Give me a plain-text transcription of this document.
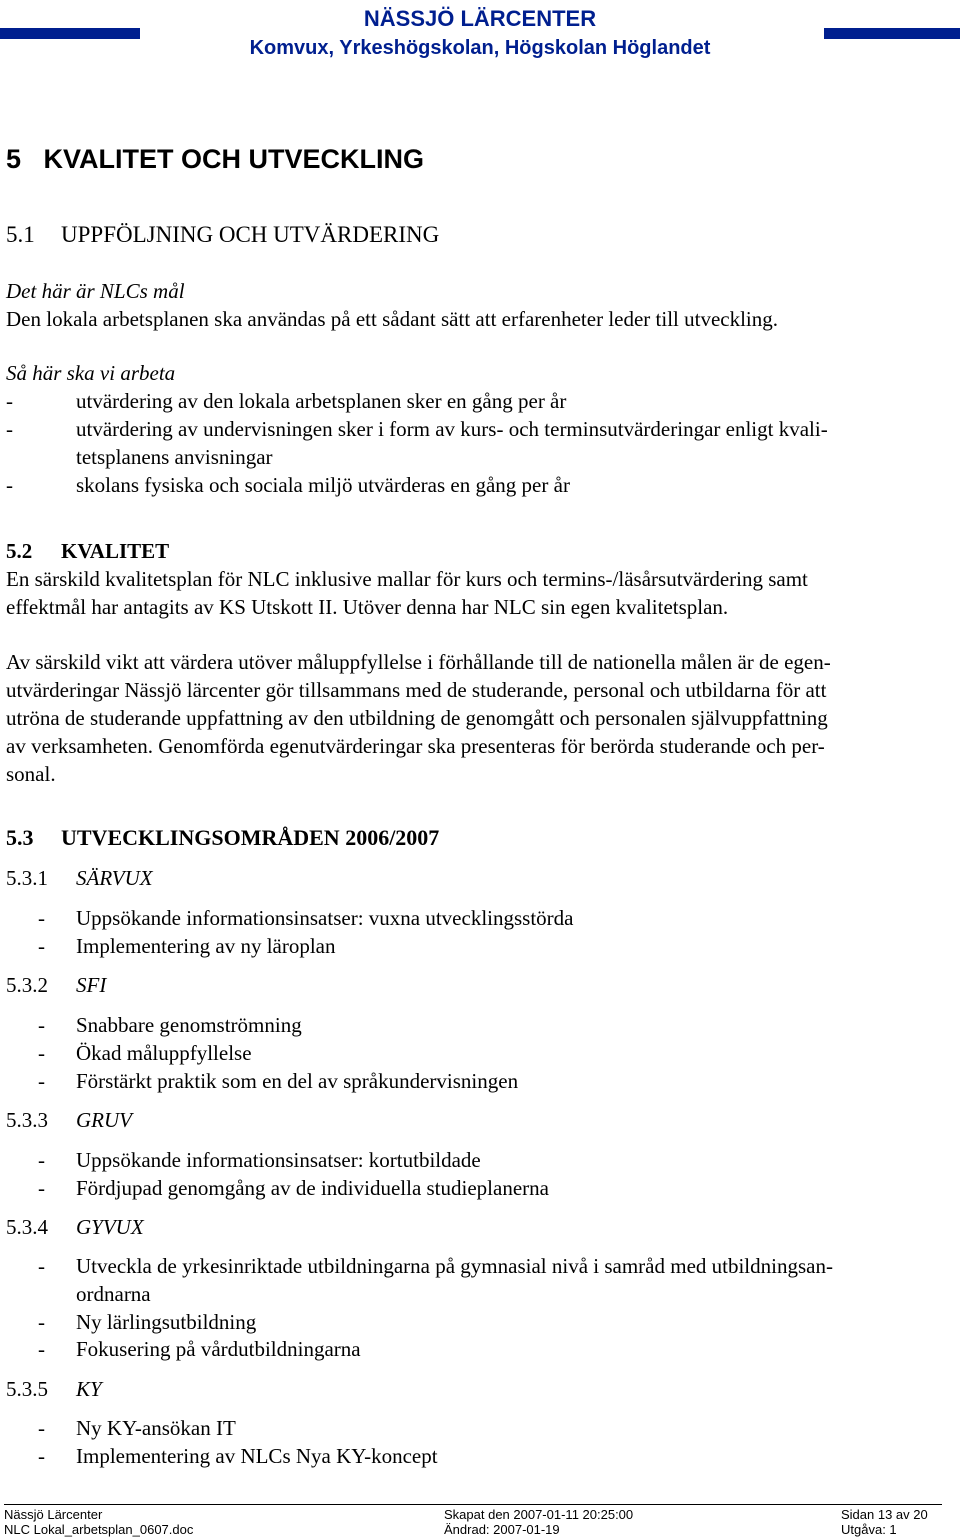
NÄSSJÖ LÄRCENTER
Komvux, Yrkeshögskolan, Högskolan Höglandet
5   KVALITET OCH UTVECKLING
5.1 UPPFÖLJNING OCH UTVÄRDERING
Det här är NLCs mål
Den lokala arbetsplanen ska användas på ett sådant sätt att erfarenheter leder till utveckling.
Så här ska vi arbeta
-	utvärdering av den lokala arbetsplanen sker en gång per år
-	utvärdering av undervisningen sker i form av kurs- och terminsutvärderingar enligt kvali-
tetsplanens anvisningar
-	skolans fysiska och sociala miljö utvärderas en gång per år
5.2 KVALITET
En särskild kvalitetsplan för NLC inklusive mallar för kurs och termins-/läsårsutvärdering samt
effektmål har antagits av KS Utskott II. Utöver denna har NLC sin egen kvalitetsplan.
Av särskild vikt att värdera utöver måluppfyllelse i förhållande till de nationella målen är de egen-
utvärderingar Nässjö lärcenter gör tillsammans med de studerande, personal och utbildarna för att
utröna de studerande uppfattning av den utbildning de genomgått och personalen självuppfattning
av verksamheten. Genomförda egenutvärderingar ska presenteras för berörda studerande och per-
sonal.
5.3 UTVECKLINGSOMRÅDEN 2006/2007
5.3.1 SÄRVUX
- Uppsökande informationsinsatser: vuxna utvecklingsstörda
- Implementering av ny läroplan
5.3.2 SFI
- Snabbare genomströmning
- Ökad måluppfyllelse
- Förstärkt praktik som en del av språkundervisningen
5.3.3 GRUV
- Uppsökande informationsinsatser: kortutbildade
- Fördjupad genomgång av de individuella studieplanerna
5.3.4 GYVUX
- Utveckla de yrkesinriktade utbildningarna på gymnasial nivå i samråd med utbildningsan-
ordnarna
- Ny lärlingsutbildning
- Fokusering på vårdutbildningarna
5.3.5 KY
- Ny KY-ansökan IT
- Implementering av NLCs Nya KY-koncept
Nässjö Lärcenter
NLC Lokal_arbetsplan_0607.doc
Skapat den 2007-01-11 20:25:00
Ändrad: 2007-01-19
Sidan 13 av 20
Utgåva: 1
